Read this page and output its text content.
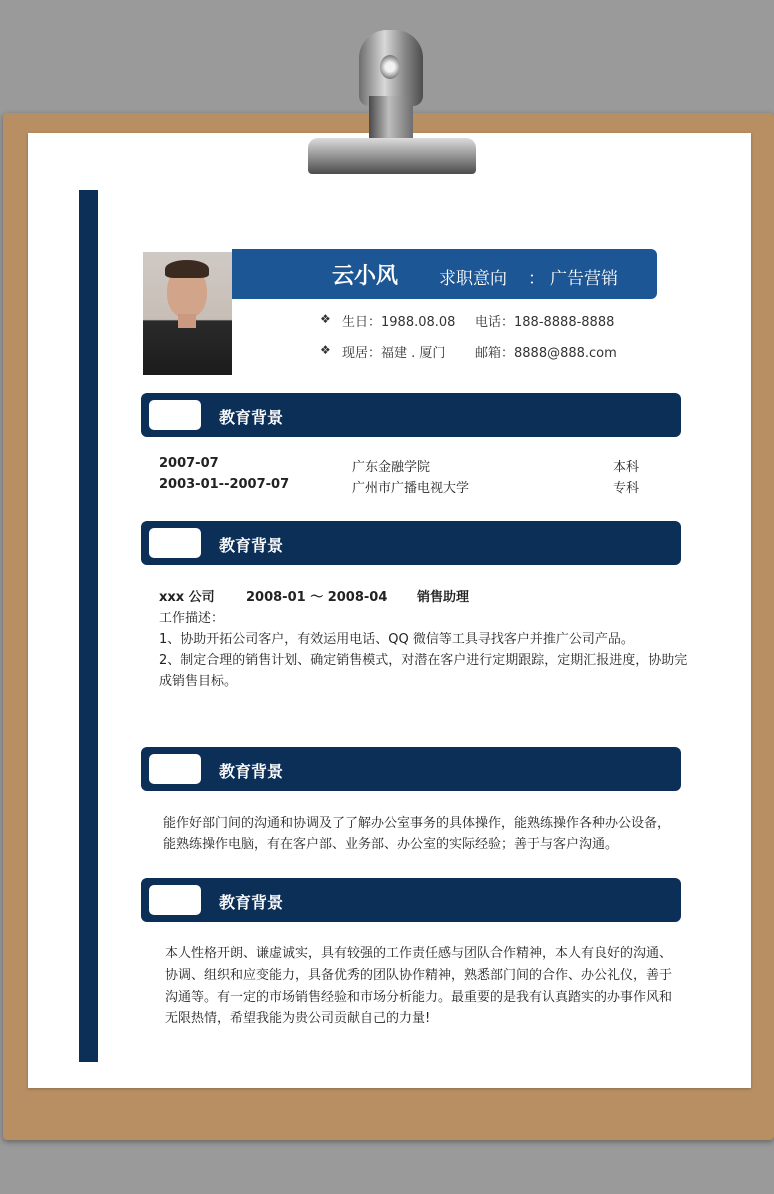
云小风 求职意向 ： 广告营销
❖ 生日：1988.08.08 电话：188-8888-8888
❖ 现居：福建 . 厦门 邮箱：8888@888.com
教育背景
2007-07	广东金融学院	本科
2003-01--2007-07	广州市广播电视大学	专科
教育背景
xxx 公司 2008-01 ～ 2008-04 销售助理
工作描述：
1、协助开拓公司客户，有效运用电话、QQ 微信等工具寻找客户并推广公司产品。
2、制定合理的销售计划、确定销售模式，对潜在客户进行定期跟踪，定期汇报进度，协助完
成销售目标。
教育背景
能作好部门间的沟通和协调及了了解办公室事务的具体操作，能熟练操作各种办公设备，
能熟练操作电脑，有在客户部、业务部、办公室的实际经验；善于与客户沟通。
教育背景
本人性格开朗、谦虚诚实，具有较强的工作责任感与团队合作精神，本人有良好的沟通、
协调、组织和应变能力，具备优秀的团队协作精神，熟悉部门间的合作、办公礼仪，善于
沟通等。有一定的市场销售经验和市场分析能力。最重要的是我有认真踏实的办事作风和
无限热情，希望我能为贵公司贡献自己的力量!
